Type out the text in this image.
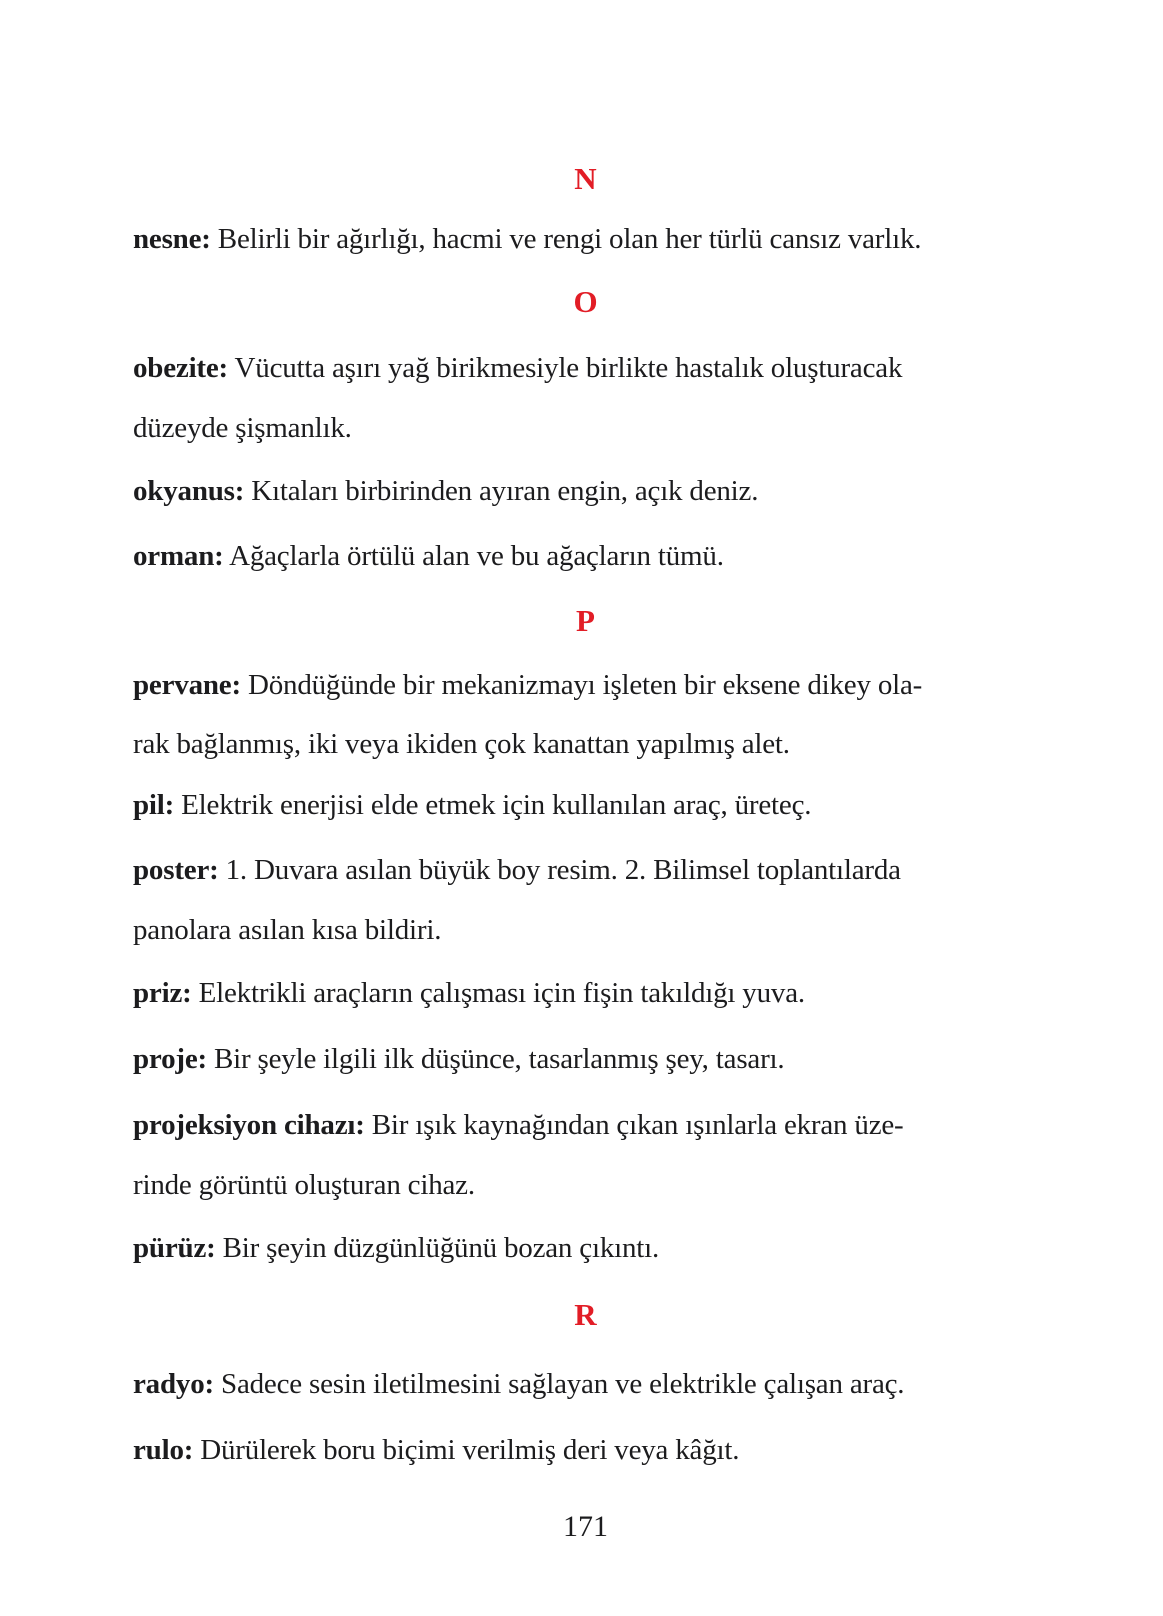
N
nesne: Belirli bir ağırlığı, hacmi ve rengi olan her türlü cansız varlık.
O
obezite: Vücutta aşırı yağ birikmesiyle birlikte hastalık oluşturacak
düzeyde şişmanlık.
okyanus: Kıtaları birbirinden ayıran engin, açık deniz.
orman: Ağaçlarla örtülü alan ve bu ağaçların tümü.
P
pervane: Döndüğünde bir mekanizmayı işleten bir eksene dikey ola-
rak bağlanmış, iki veya ikiden çok kanattan yapılmış alet.
pil: Elektrik enerjisi elde etmek için kullanılan araç, üreteç.
poster: 1. Duvara asılan büyük boy resim. 2. Bilimsel toplantılarda
panolara asılan kısa bildiri.
priz: Elektrikli araçların çalışması için fişin takıldığı yuva.
proje: Bir şeyle ilgili ilk düşünce, tasarlanmış şey, tasarı.
projeksiyon cihazı: Bir ışık kaynağından çıkan ışınlarla ekran üze-
rinde görüntü oluşturan cihaz.
pürüz: Bir şeyin düzgünlüğünü bozan çıkıntı.
R
radyo: Sadece sesin iletilmesini sağlayan ve elektrikle çalışan araç.
rulo: Dürülerek boru biçimi verilmiş deri veya kâğıt.
171
